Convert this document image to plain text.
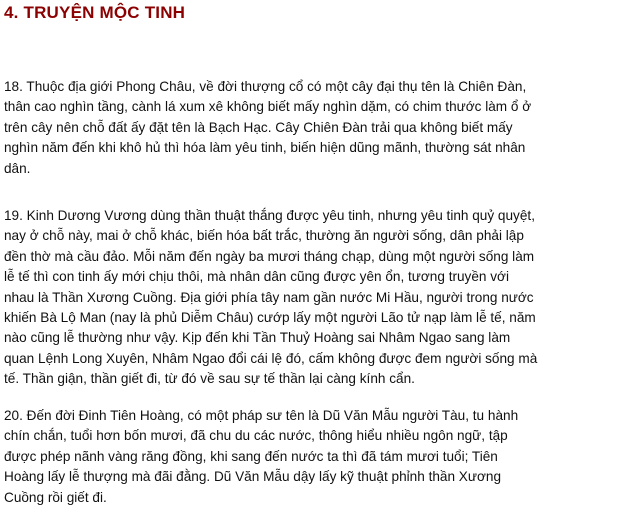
4. TRUYỆN MỘC TINH
18. Thuộc địa giới Phong Châu, về đời thượng cổ có một cây đại thụ tên là Chiên Đàn,
thân cao nghìn tầng, cành lá xum xê không biết mấy nghìn dặm, có chim thước làm ổ ở
trên cây nên chỗ đất ấy đặt tên là Bạch Hạc. Cây Chiên Đàn trải qua không biết mấy
nghìn năm đến khi khô hủ thì hóa làm yêu tinh, biến hiện dũng mãnh, thường sát nhân
dân.
19. Kinh Dương Vương dùng thần thuật thắng được yêu tinh, nhưng yêu tinh quỷ quyệt,
nay ở chỗ này, mai ở chỗ khác, biến hóa bất trắc, thường ăn người sống, dân phải lập
đền thờ mà cầu đảo. Mỗi năm đến ngày ba mươi tháng chạp, dùng một người sống làm
lễ tế thì con tinh ấy mới chịu thôi, mà nhân dân cũng được yên ổn, tương truyền với
nhau là Thần Xương Cuồng. Địa giới phía tây nam gần nước Mi Hầu, người trong nước
khiến Bà Lộ Man (nay là phủ Diễm Châu) cướp lấy một người Lão tử nạp làm lễ tế, năm
nào cũng lễ thường như vậy. Kịp đến khi Tần Thuỷ Hoàng sai Nhâm Ngao sang làm
quan Lệnh Long Xuyên, Nhâm Ngao đổi cái lệ đó, cấm không được đem người sống mà
tế. Thần giận, thần giết đi, từ đó về sau sự tế thần lại càng kính cẩn.
20. Đến đời Đinh Tiên Hoàng, có một pháp sư tên là Dũ Văn Mẫu người Tàu, tu hành
chín chắn, tuổi hơn bốn mươi, đã chu du các nước, thông hiểu nhiều ngôn ngữ, tập
được phép nãnh vàng răng đồng, khi sang đến nước ta thì đã tám mươi tuổi; Tiên
Hoàng lấy lễ thượng mà đãi đằng. Dũ Văn Mẫu dậy lấy kỹ thuật phỉnh thần Xương
Cuồng rồi giết đi.
